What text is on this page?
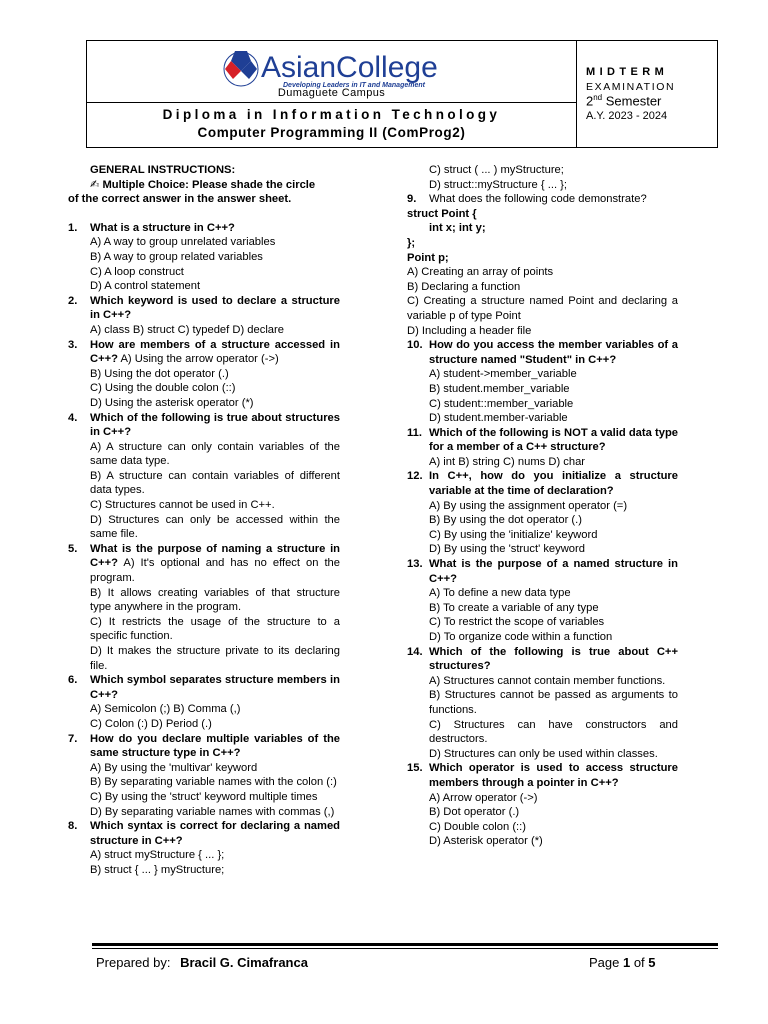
AsianCollege
Developing Leaders in IT and Management
Dumaguete Campus
Diploma in Information Technology
Computer Programming II (ComProg2)
MIDTERM
EXAMINATION
2nd Semester
A.Y. 2023 - 2024
GENERAL INSTRUCTIONS:
✍ Multiple Choice: Please shade the circle
of the correct answer in the answer sheet.
1.	What is a structure in C++?
A) A way to group unrelated variables
B) A way to group related variables
C) A loop construct
D) A control statement
2.	Which keyword is used to declare a structure in C++?
A) class B) struct C) typedef D) declare
3.	How are members of a structure accessed in C++? A) Using the arrow operator (->)
B) Using the dot operator (.)
C) Using the double colon (::)
D) Using the asterisk operator (*)
4.	Which of the following is true about structures in C++?
A) A structure can only contain variables of the same data type.
B) A structure can contain variables of different data types.
C) Structures cannot be used in C++.
D) Structures can only be accessed within the same file.
5.	What is the purpose of naming a structure in C++? A) It's optional and has no effect on the program.
B) It allows creating variables of that structure type anywhere in the program.
C) It restricts the usage of the structure to a specific function.
D) It makes the structure private to its declaring file.
6.	Which symbol separates structure members in C++?
A) Semicolon (;) B) Comma (,)
C) Colon (:) D) Period (.)
7.	How do you declare multiple variables of the same structure type in C++?
A) By using the 'multivar' keyword
B) By separating variable names with the colon (:)
C) By using the 'struct' keyword multiple times
D) By separating variable names with commas (,)
8.	Which syntax is correct for declaring a named structure in C++?
A) struct myStructure { ... };
B) struct { ... } myStructure;
C) struct ( ... ) myStructure;
D) struct::myStructure { ... };
9.	What does the following code demonstrate?
struct Point {
int x; int y;
};
Point p;
A) Creating an array of points
B) Declaring a function
C) Creating a structure named Point and declaring a variable p of type Point
D) Including a header file
10. How do you access the member variables of a structure named "Student" in C++?
A) student->member_variable
B) student.member_variable
C) student::member_variable
D) student.member-variable
11. Which of the following is NOT a valid data type for a member of a C++ structure?
A) int B) string C) nums D) char
12. In C++, how do you initialize a structure variable at the time of declaration?
A) By using the assignment operator (=)
B) By using the dot operator (.)
C) By using the 'initialize' keyword
D) By using the 'struct' keyword
13. What is the purpose of a named structure in C++?
A) To define a new data type
B) To create a variable of any type
C) To restrict the scope of variables
D) To organize code within a function
14. Which of the following is true about C++ structures?
A) Structures cannot contain member functions.
B) Structures cannot be passed as arguments to functions.
C) Structures can have constructors and destructors.
D) Structures can only be used within classes.
15. Which operator is used to access structure members through a pointer in C++?
A) Arrow operator (->)
B) Dot operator (.)
C) Double colon (::)
D) Asterisk operator (*)
Prepared by: Bracil G. Cimafranca	Page 1 of 5
